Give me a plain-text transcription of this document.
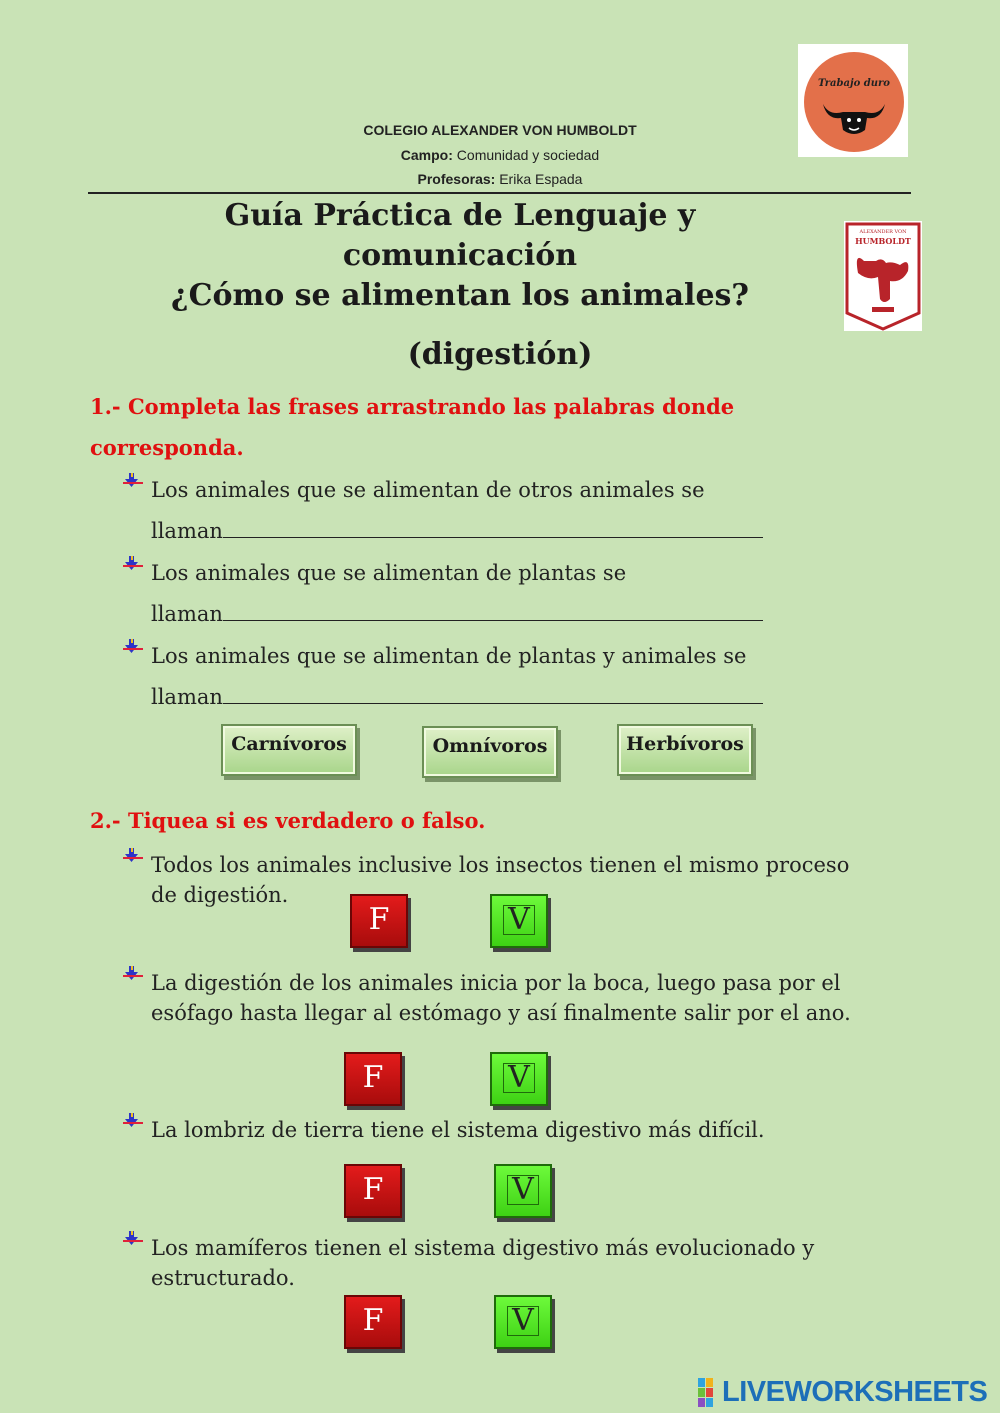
Trabajo duro
COLEGIO ALEXANDER VON HUMBOLDT
Campo: Comunidad y sociedad
Profesoras: Erika Espada
ALEXANDER VON
HUMBOLDT
Guía Práctica de Lenguaje y
comunicación
¿Cómo se alimentan los animales?
(digestión)
1.- Completa las frases arrastrando las palabras donde
corresponda.
Los animales que se alimentan de otros animales se
llaman
Los animales que se alimentan de plantas se
llaman
Los animales que se alimentan de plantas y animales se
llaman
Carnívoros	Omnívoros	Herbívoros
2.- Tiquea si es verdadero o falso.
Todos los animales inclusive los insectos tienen el mismo proceso
de digestión.
F	V
La digestión de los animales inicia por la boca, luego pasa por el
esófago hasta llegar al estómago y así finalmente salir por el ano.
F	V
La lombriz de tierra tiene el sistema digestivo más difícil.
F	V
Los mamíferos tienen el sistema digestivo más evolucionado y
estructurado.
F	V
LIVEWORKSHEETS
